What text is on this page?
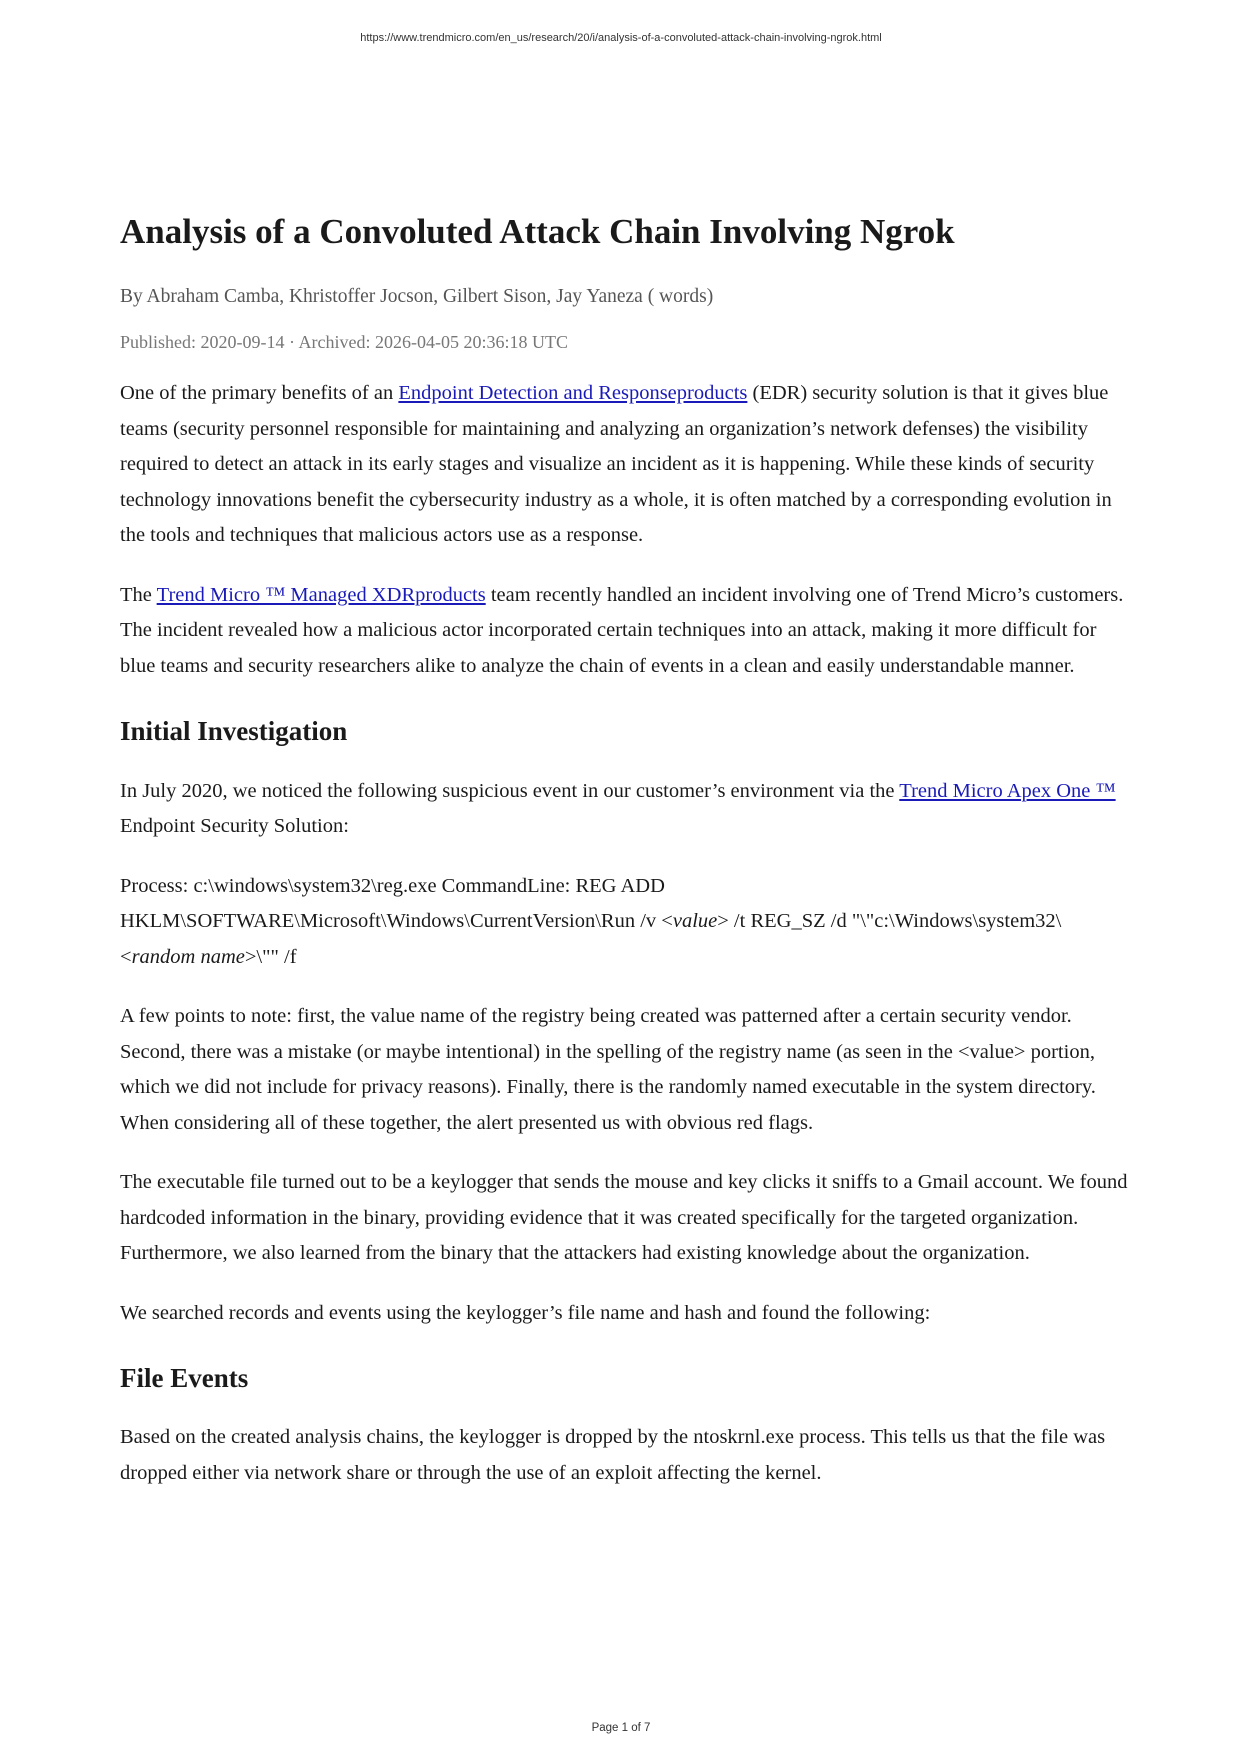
https://www.trendmicro.com/en_us/research/20/i/analysis-of-a-convoluted-attack-chain-involving-ngrok.html
Analysis of a Convoluted Attack Chain Involving Ngrok
By Abraham Camba, Khristoffer Jocson, Gilbert Sison, Jay Yaneza ( words)
Published: 2020-09-14 · Archived: 2026-04-05 20:36:18 UTC

One of the primary benefits of an Endpoint Detection and Responseproducts (EDR) security solution is that it gives blue teams (security personnel responsible for maintaining and analyzing an organization’s network defenses) the visibility required to detect an attack in its early stages and visualize an incident as it is happening. While these kinds of security technology innovations benefit the cybersecurity industry as a whole, it is often matched by a corresponding evolution in the tools and techniques that malicious actors use as a response.

The Trend Micro ™ Managed XDRproducts team recently handled an incident involving one of Trend Micro’s customers. The incident revealed how a malicious actor incorporated certain techniques into an attack, making it more difficult for blue teams and security researchers alike to analyze the chain of events in a clean and easily understandable manner.

Initial Investigation

In July 2020, we noticed the following suspicious event in our customer’s environment via the Trend Micro Apex One ™ Endpoint Security Solution:

Process: c:\windows\system32\reg.exe CommandLine: REG ADD
HKLM\SOFTWARE\Microsoft\Windows\CurrentVersion\Run /v <value> /t REG_SZ /d "\"c:\Windows\system32\
<random name>\"" /f

A few points to note: first, the value name of the registry being created was patterned after a certain security vendor. Second, there was a mistake (or maybe intentional) in the spelling of the registry name (as seen in the <value> portion, which we did not include for privacy reasons). Finally, there is the randomly named executable in the system directory. When considering all of these together, the alert presented us with obvious red flags.

The executable file turned out to be a keylogger that sends the mouse and key clicks it sniffs to a Gmail account. We found hardcoded information in the binary, providing evidence that it was created specifically for the targeted organization. Furthermore, we also learned from the binary that the attackers had existing knowledge about the organization.

We searched records and events using the keylogger’s file name and hash and found the following:

File Events

Based on the created analysis chains, the keylogger is dropped by the ntoskrnl.exe process. This tells us that the file was dropped either via network share or through the use of an exploit affecting the kernel.

Page 1 of 7
